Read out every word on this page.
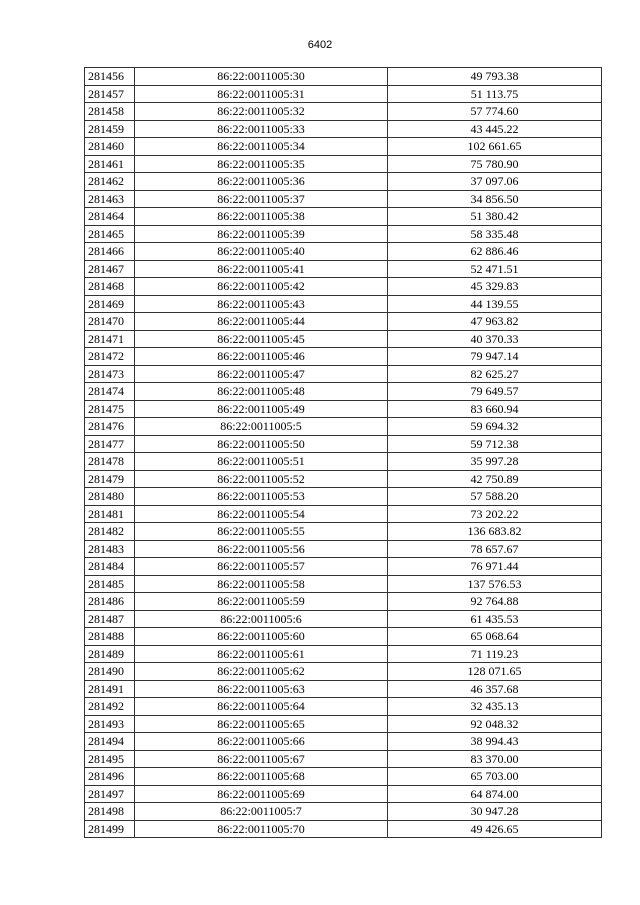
6402
281456	86:22:0011005:30	49 793.38
281457	86:22:0011005:31	51 113.75
281458	86:22:0011005:32	57 774.60
281459	86:22:0011005:33	43 445.22
281460	86:22:0011005:34	102 661.65
281461	86:22:0011005:35	75 780.90
281462	86:22:0011005:36	37 097.06
281463	86:22:0011005:37	34 856.50
281464	86:22:0011005:38	51 380.42
281465	86:22:0011005:39	58 335.48
281466	86:22:0011005:40	62 886.46
281467	86:22:0011005:41	52 471.51
281468	86:22:0011005:42	45 329.83
281469	86:22:0011005:43	44 139.55
281470	86:22:0011005:44	47 963.82
281471	86:22:0011005:45	40 370.33
281472	86:22:0011005:46	79 947.14
281473	86:22:0011005:47	82 625.27
281474	86:22:0011005:48	79 649.57
281475	86:22:0011005:49	83 660.94
281476	86:22:0011005:5	59 694.32
281477	86:22:0011005:50	59 712.38
281478	86:22:0011005:51	35 997.28
281479	86:22:0011005:52	42 750.89
281480	86:22:0011005:53	57 588.20
281481	86:22:0011005:54	73 202.22
281482	86:22:0011005:55	136 683.82
281483	86:22:0011005:56	78 657.67
281484	86:22:0011005:57	76 971.44
281485	86:22:0011005:58	137 576.53
281486	86:22:0011005:59	92 764.88
281487	86:22:0011005:6	61 435.53
281488	86:22:0011005:60	65 068.64
281489	86:22:0011005:61	71 119.23
281490	86:22:0011005:62	128 071.65
281491	86:22:0011005:63	46 357.68
281492	86:22:0011005:64	32 435.13
281493	86:22:0011005:65	92 048.32
281494	86:22:0011005:66	38 994.43
281495	86:22:0011005:67	83 370.00
281496	86:22:0011005:68	65 703.00
281497	86:22:0011005:69	64 874.00
281498	86:22:0011005:7	30 947.28
281499	86:22:0011005:70	49 426.65
